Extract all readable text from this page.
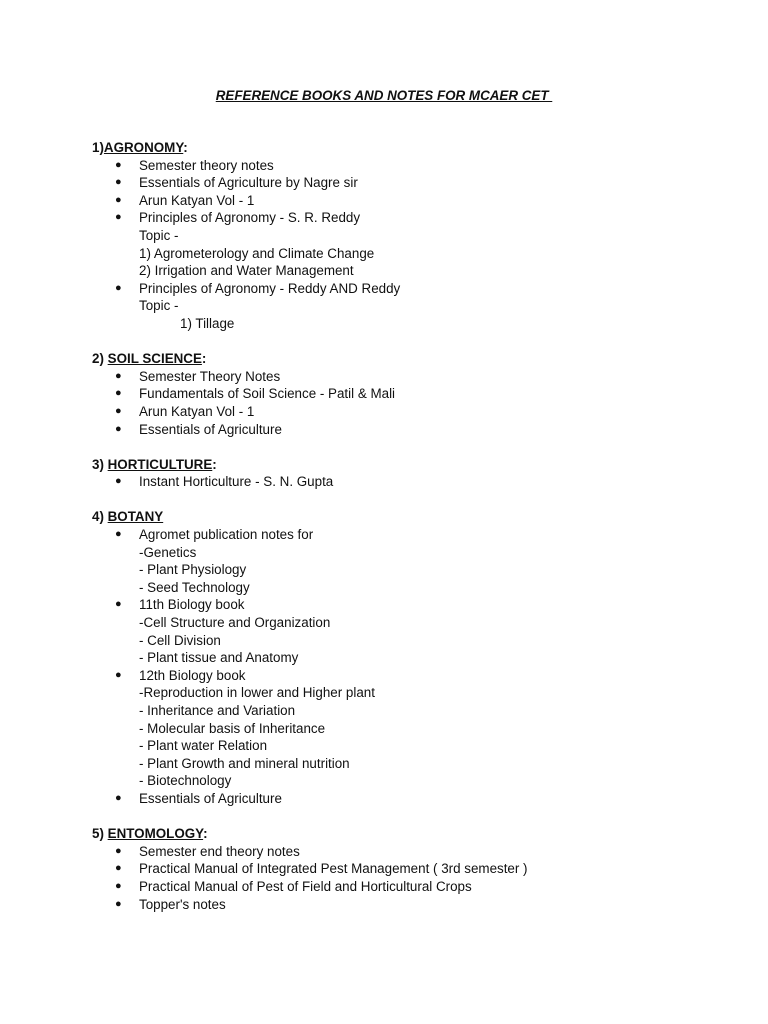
REFERENCE BOOKS AND NOTES FOR MCAER CET
1)AGRONOMY:
● Semester theory notes
● Essentials of Agriculture by Nagre sir
● Arun Katyan Vol - 1
● Principles of Agronomy - S. R. Reddy
Topic -
1) Agrometerology and Climate Change
2) Irrigation and Water Management
● Principles of Agronomy - Reddy AND Reddy
Topic -
1) Tillage
2) SOIL SCIENCE:
● Semester Theory Notes
● Fundamentals of Soil Science - Patil & Mali
● Arun Katyan Vol - 1
● Essentials of Agriculture
3) HORTICULTURE:
● Instant Horticulture - S. N. Gupta
4) BOTANY
● Agromet publication notes for
-Genetics
- Plant Physiology
- Seed Technology
● 11th Biology book
-Cell Structure and Organization
- Cell Division
- Plant tissue and Anatomy
● 12th Biology book
-Reproduction in lower and Higher plant
- Inheritance and Variation
- Molecular basis of Inheritance
- Plant water Relation
- Plant Growth and mineral nutrition
- Biotechnology
● Essentials of Agriculture
5) ENTOMOLOGY:
● Semester end theory notes
● Practical Manual of Integrated Pest Management ( 3rd semester )
● Practical Manual of Pest of Field and Horticultural Crops
● Topper's notes
